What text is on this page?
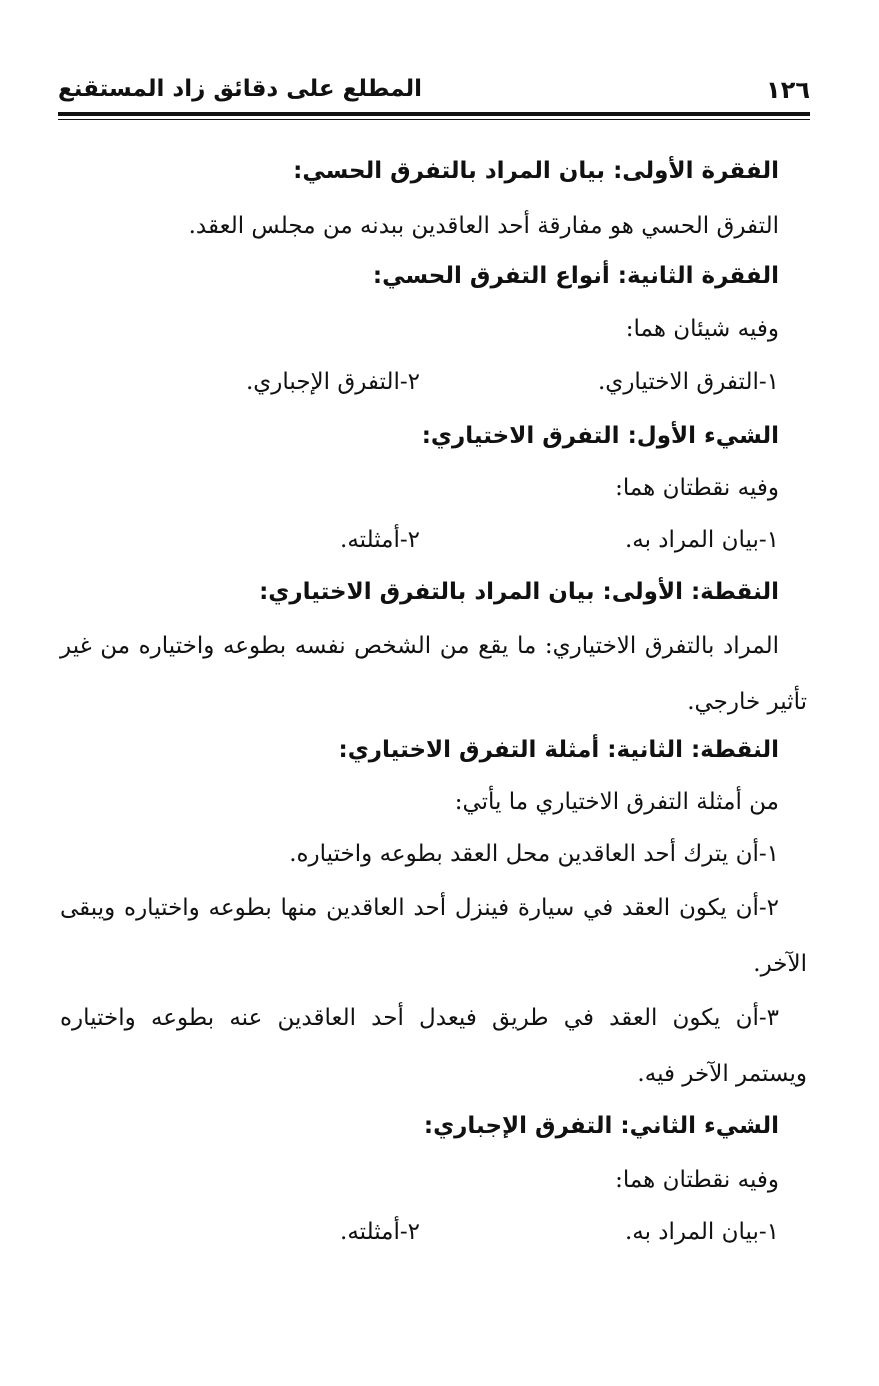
١٢٦
المطلع على دقائق زاد المستقنع
الفقرة الأولى: بيان المراد بالتفرق الحسي:
التفرق الحسي هو مفارقة أحد العاقدين ببدنه من مجلس العقد.
الفقرة الثانية: أنواع التفرق الحسي:
وفيه شيئان هما:
١-التفرق الاختياري.
٢-التفرق الإجباري.
الشيء الأول: التفرق الاختياري:
وفيه نقطتان هما:
١-بيان المراد به.
٢-أمثلته.
النقطة: الأولى: بيان المراد بالتفرق الاختياري:
المراد بالتفرق الاختياري: ما يقع من الشخص نفسه بطوعه واختياره من غير
تأثير خارجي.
النقطة: الثانية: أمثلة التفرق الاختياري:
من أمثلة التفرق الاختياري ما يأتي:
١-أن يترك أحد العاقدين محل العقد بطوعه واختياره.
٢-أن يكون العقد في سيارة فينزل أحد العاقدين منها بطوعه واختياره ويبقى
الآخر.
٣-أن يكون العقد في طريق فيعدل أحد العاقدين عنه بطوعه واختياره
ويستمر الآخر فيه.
الشيء الثاني: التفرق الإجباري:
وفيه نقطتان هما:
١-بيان المراد به.
٢-أمثلته.
